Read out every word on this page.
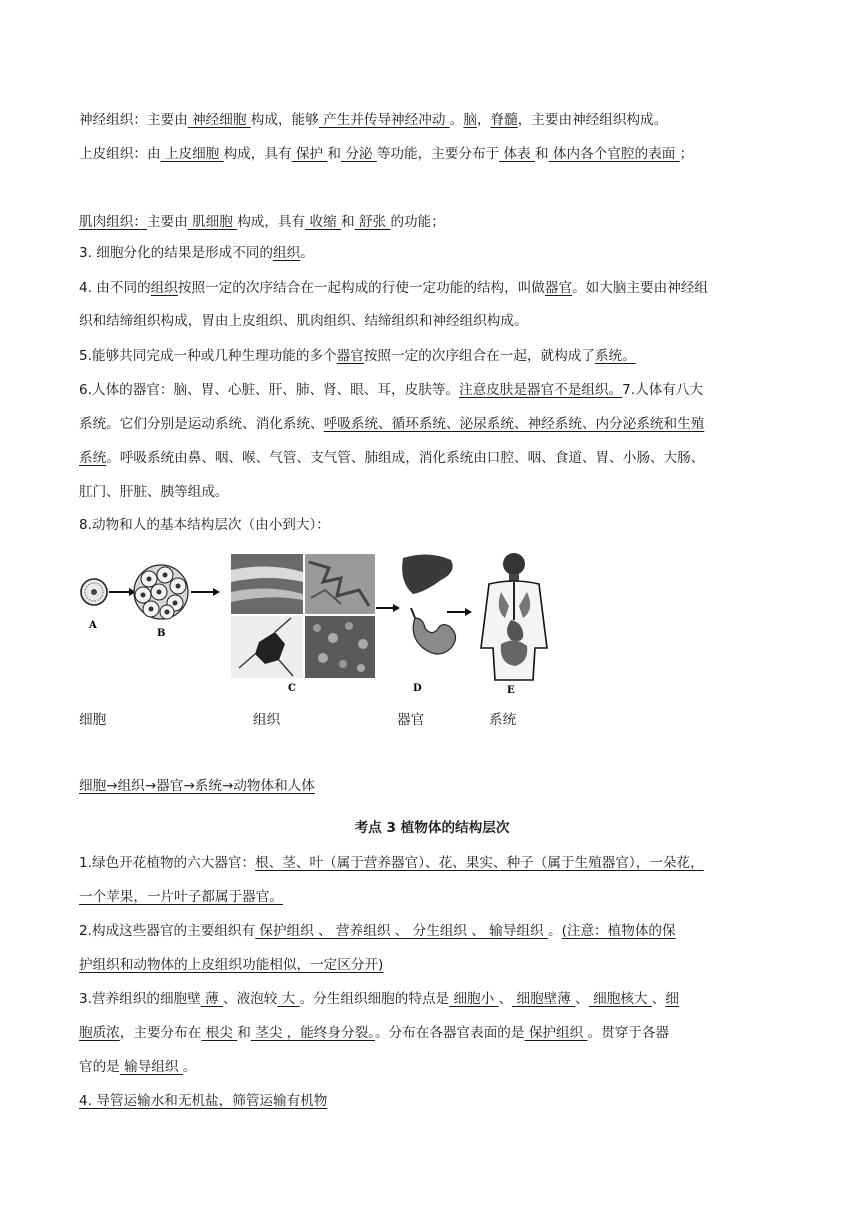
神经组织：主要由 神经细胞 构成，能够 产生并传导神经冲动 。脑，脊髓，主要由神经组织构成。
上皮组织：由 上皮细胞 构成，具有 保护 和 分泌 等功能，主要分布于 体表 和 体内各个官腔的表面 ；
肌肉组织：主要由 肌细胞 构成，具有 收缩 和 舒张 的功能；
3. 细胞分化的结果是形成不同的组织。
4. 由不同的组织按照一定的次序结合在一起构成的行使一定功能的结构，叫做器官。如大脑主要由神经组
织和结缔组织构成，胃由上皮组织、肌肉组织、结缔组织和神经组织构成。
5.能够共同完成一种或几种生理功能的多个器官按照一定的次序组合在一起，就构成了系统。
6.人体的器官：脑、胃、心脏、肝、肺、肾、眼、耳，皮肤等。注意皮肤是器官不是组织。7.人体有八大
系统。它们分别是运动系统、消化系统、呼吸系统、循环系统、泌尿系统、神经系统、内分泌系统和生殖
系统。呼吸系统由鼻、咽、喉、气管、支气管、肺组成，消化系统由口腔、咽、食道、胃、小肠、大肠、
肛门、肝脏、胰等组成。
8.动物和人的基本结构层次（由小到大）：
A
B
C	D	E
细胞	组织	器官	系统
细胞→组织→器官→系统→动物体和人体
考点 3 植物体的结构层次
1.绿色开花植物的六大器官：根、茎、叶（属于营养器官）、花、果实、种子（属于生殖器官），一朵花，
一个苹果，一片叶子都属于器官。
2.构成这些器官的主要组织有 保护组织 、 营养组织 、 分生组织 、 输导组织 。(注意：植物体的保
护组织和动物体的上皮组织功能相似，一定区分开)
3.营养组织的细胞壁 薄 、液泡较 大 。分生组织细胞的特点是 细胞小 、 细胞壁薄 、 细胞核大 、细
胞质浓，主要分布在 根尖 和 茎尖 ，能终身分裂。。分布在各器官表面的是 保护组织 。贯穿于各器
官的是 输导组织 。
4. 导管运输水和无机盐，筛管运输有机物
